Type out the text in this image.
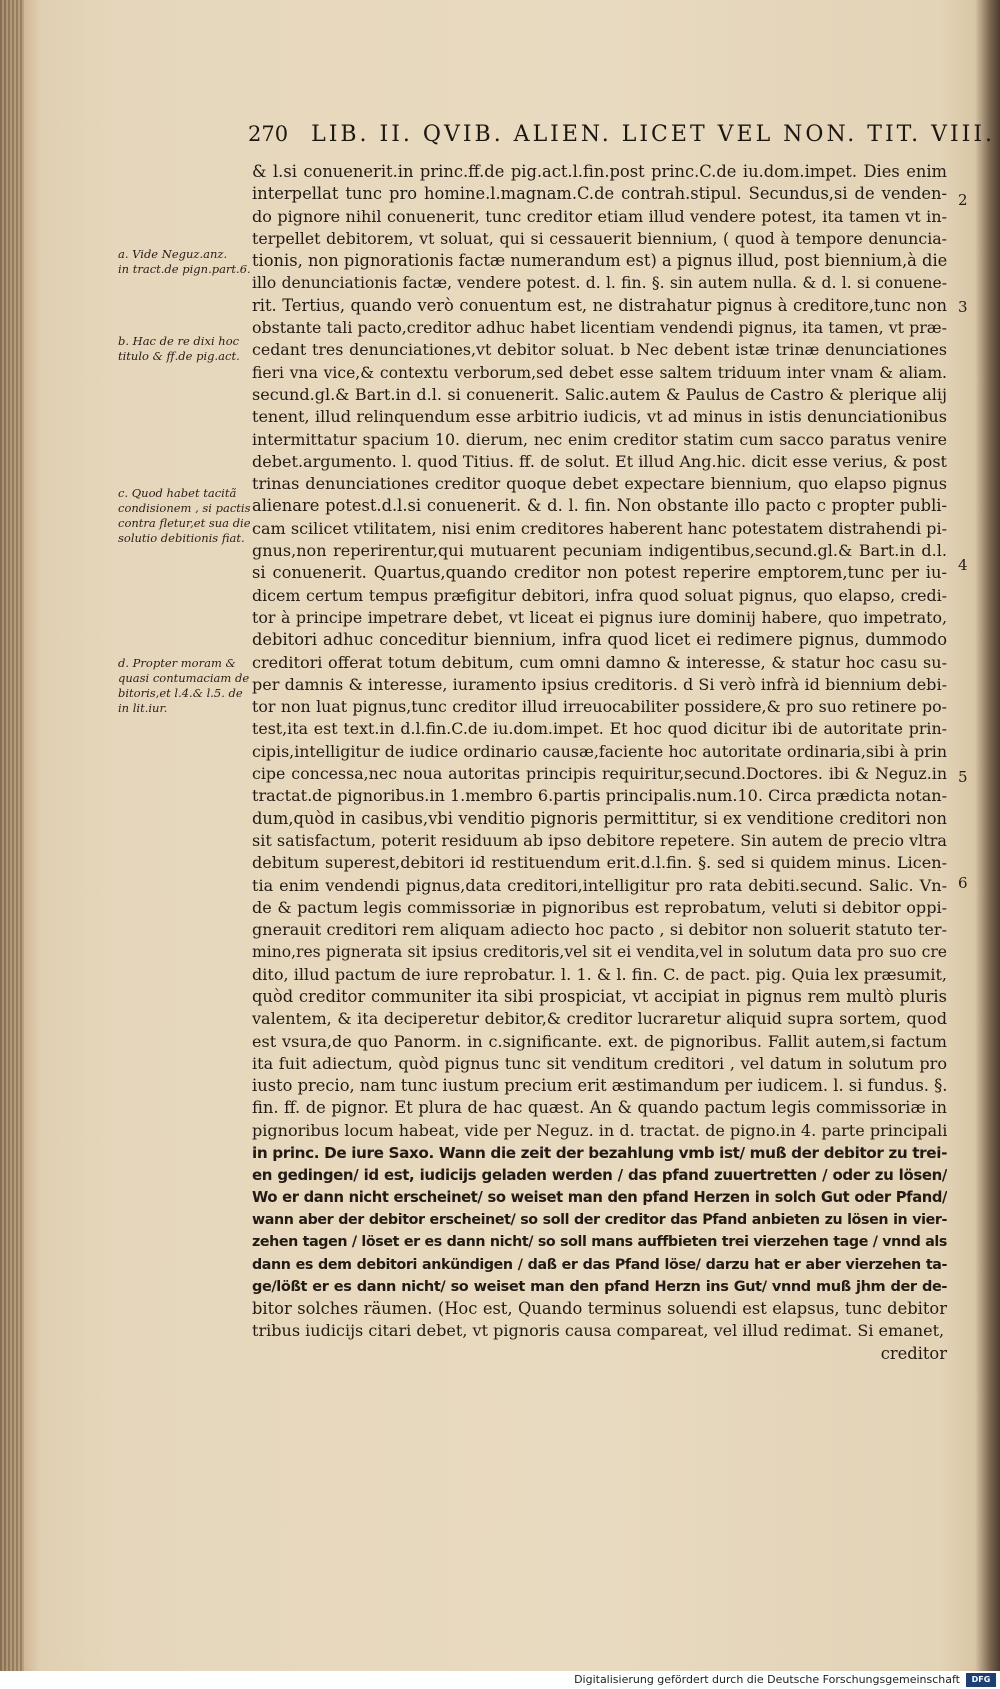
270 LIB. II. QVIB. ALIEN. LICET VEL NON. TIT. VIII.
a. Vide Neguz.anz.
in tract.de pign.part.6.
b. Hac de re dixi hoc
titulo & ff.de pig.act.
c. Quod habet tacitã
condisionem , si pactis
contra fletur,et sua die
solutio debitionis fiat.
d. Propter moram &
quasi contumaciam de
bitoris,et l.4.& l.5. de
in lit.iur.
2
3
4
5
6
& l.si conuenerit.in princ.ff.de pig.act.l.fin.post princ.C.de iu.dom.impet. Dies enim
interpellat tunc pro homine.l.magnam.C.de contrah.stipul. Secundus,si de venden-
do pignore nihil conuenerit, tunc creditor etiam illud vendere potest, ita tamen vt in-
terpellet debitorem, vt soluat, qui si cessauerit biennium, ( quod à tempore denuncia-
tionis, non pignorationis factæ numerandum est) a pignus illud, post biennium,à die
illo denunciationis factæ, vendere potest. d. l. fin. §. sin autem nulla. & d. l. si conuene-
rit. Tertius, quando verò conuentum est, ne distrahatur pignus à creditore,tunc non
obstante tali pacto,creditor adhuc habet licentiam vendendi pignus, ita tamen, vt præ-
cedant tres denunciationes,vt debitor soluat. b Nec debent istæ trinæ denunciationes
fieri vna vice,& contextu verborum,sed debet esse saltem triduum inter vnam & aliam.
secund.gl.& Bart.in d.l. si conuenerit. Salic.autem & Paulus de Castro & plerique alij
tenent, illud relinquendum esse arbitrio iudicis, vt ad minus in istis denunciationibus
intermittatur spacium 10. dierum, nec enim creditor statim cum sacco paratus venire
debet.argumento. l. quod Titius. ff. de solut. Et illud Ang.hic. dicit esse verius, & post
trinas denunciationes creditor quoque debet expectare biennium, quo elapso pignus
alienare potest.d.l.si conuenerit. & d. l. fin. Non obstante illo pacto c propter publi-
cam scilicet vtilitatem, nisi enim creditores haberent hanc potestatem distrahendi pi-
gnus,non reperirentur,qui mutuarent pecuniam indigentibus,secund.gl.& Bart.in d.l.
si conuenerit. Quartus,quando creditor non potest reperire emptorem,tunc per iu-
dicem certum tempus præfigitur debitori, infra quod soluat pignus, quo elapso, credi-
tor à principe impetrare debet, vt liceat ei pignus iure dominij habere, quo impetrato,
debitori adhuc conceditur biennium, infra quod licet ei redimere pignus, dummodo
creditori offerat totum debitum, cum omni damno & interesse, & statur hoc casu su-
per damnis & interesse, iuramento ipsius creditoris. d Si verò infrà id biennium debi-
tor non luat pignus,tunc creditor illud irreuocabiliter possidere,& pro suo retinere po-
test,ita est text.in d.l.fin.C.de iu.dom.impet. Et hoc quod dicitur ibi de autoritate prin-
cipis,intelligitur de iudice ordinario causæ,faciente hoc autoritate ordinaria,sibi à prin
cipe concessa,nec noua autoritas principis requiritur,secund.Doctores. ibi & Neguz.in
tractat.de pignoribus.in 1.membro 6.partis principalis.num.10. Circa prædicta notan-
dum,quòd in casibus,vbi venditio pignoris permittitur, si ex venditione creditori non
sit satisfactum, poterit residuum ab ipso debitore repetere. Sin autem de precio vltra
debitum superest,debitori id restituendum erit.d.l.fin. §. sed si quidem minus. Licen-
tia enim vendendi pignus,data creditori,intelligitur pro rata debiti.secund. Salic. Vn-
de & pactum legis commissoriæ in pignoribus est reprobatum, veluti si debitor oppi-
gnerauit creditori rem aliquam adiecto hoc pacto , si debitor non soluerit statuto ter-
mino,res pignerata sit ipsius creditoris,vel sit ei vendita,vel in solutum data pro suo cre
dito, illud pactum de iure reprobatur. l. 1. & l. fin. C. de pact. pig. Quia lex præsumit,
quòd creditor communiter ita sibi prospiciat, vt accipiat in pignus rem multò pluris
valentem, & ita deciperetur debitor,& creditor lucraretur aliquid supra sortem, quod
est vsura,de quo Panorm. in c.significante. ext. de pignoribus. Fallit autem,si factum
ita fuit adiectum, quòd pignus tunc sit venditum creditori , vel datum in solutum pro
iusto precio, nam tunc iustum precium erit æstimandum per iudicem. l. si fundus. §.
fin. ff. de pignor. Et plura de hac quæst. An & quando pactum legis commissoriæ in
pignoribus locum habeat, vide per Neguz. in d. tractat. de pigno.in 4. parte principali
in princ. De iure Saxo. Wann die zeit der bezahlung vmb ist/ muß der debitor zu trei-
en gedingen/ id est, iudicijs geladen werden / das pfand zuuertretten / oder zu lösen/
Wo er dann nicht erscheinet/ so weiset man den pfand Herzen in solch Gut oder Pfand/
wann aber der debitor erscheinet/ so soll der creditor das Pfand anbieten zu lösen in vier-
zehen tagen / löset er es dann nicht/ so soll mans auffbieten trei vierzehen tage / vnnd als
dann es dem debitori ankündigen / daß er das Pfand löse/ darzu hat er aber vierzehen ta-
ge/lößt er es dann nicht/ so weiset man den pfand Herzn ins Gut/ vnnd muß jhm der de-
bitor solches räumen. (Hoc est, Quando terminus soluendi est elapsus, tunc debitor
tribus iudicijs citari debet, vt pignoris causa compareat, vel illud redimat. Si emanet,
creditor
Digitalisierung gefördert durch die Deutsche Forschungsgemeinschaft	DFG
